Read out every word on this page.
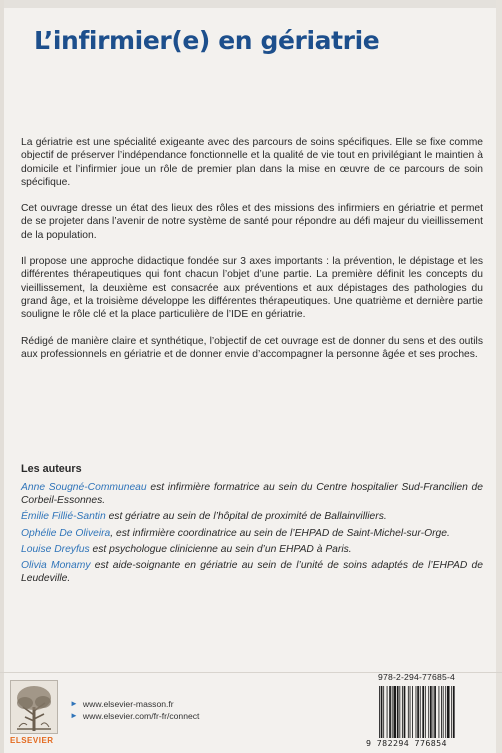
L’infirmier(e) en gériatrie

La gériatrie est une spécialité exigeante avec des parcours de soins spécifiques. Elle se fixe comme objectif de préserver l’indépendance fonctionnelle et la qualité de vie tout en privilégiant le maintien à domicile et l’infirmier joue un rôle de premier plan dans la mise en œuvre de ce parcours de soin spécifique.

Cet ouvrage dresse un état des lieux des rôles et des missions des infirmiers en gériatrie et permet de se projeter dans l’avenir de notre système de santé pour répondre au défi majeur du vieillissement de la population.

Il propose une approche didactique fondée sur 3 axes importants : la prévention, le dépistage et les différentes thérapeutiques qui font chacun l’objet d’une partie. La première définit les concepts du vieillissement, la deuxième est consacrée aux préventions et aux dépistages des pathologies du grand âge, et la troisième développe les différentes thérapeutiques. Une quatrième et dernière partie souligne le rôle clé et la place particulière de l’IDE en gériatrie.

Rédigé de manière claire et synthétique, l’objectif de cet ouvrage est de donner du sens et des outils aux professionnels en gériatrie et de donner envie d’accompagner la personne âgée et ses proches.

Les auteurs
Anne Sougné-Communeau est infirmière formatrice au sein du Centre hospitalier Sud-Francilien de Corbeil-Essonnes.
Émilie Fillié-Santin est gériatre au sein de l’hôpital de proximité de Ballainvilliers.
Ophélie De Oliveira, est infirmière coordinatrice au sein de l’EHPAD de Saint-Michel-sur-Orge.
Louise Dreyfus est psychologue clinicienne au sein d’un EHPAD à Paris.
Olivia Monamy est aide-soignante en gériatrie au sein de l’unité de soins adaptés de l’EHPAD de Leudeville.
ELSEVIER
► www.elsevier-masson.fr
► www.elsevier.com/fr-fr/connect
978-2-294-77685-4
9 782294 776854
